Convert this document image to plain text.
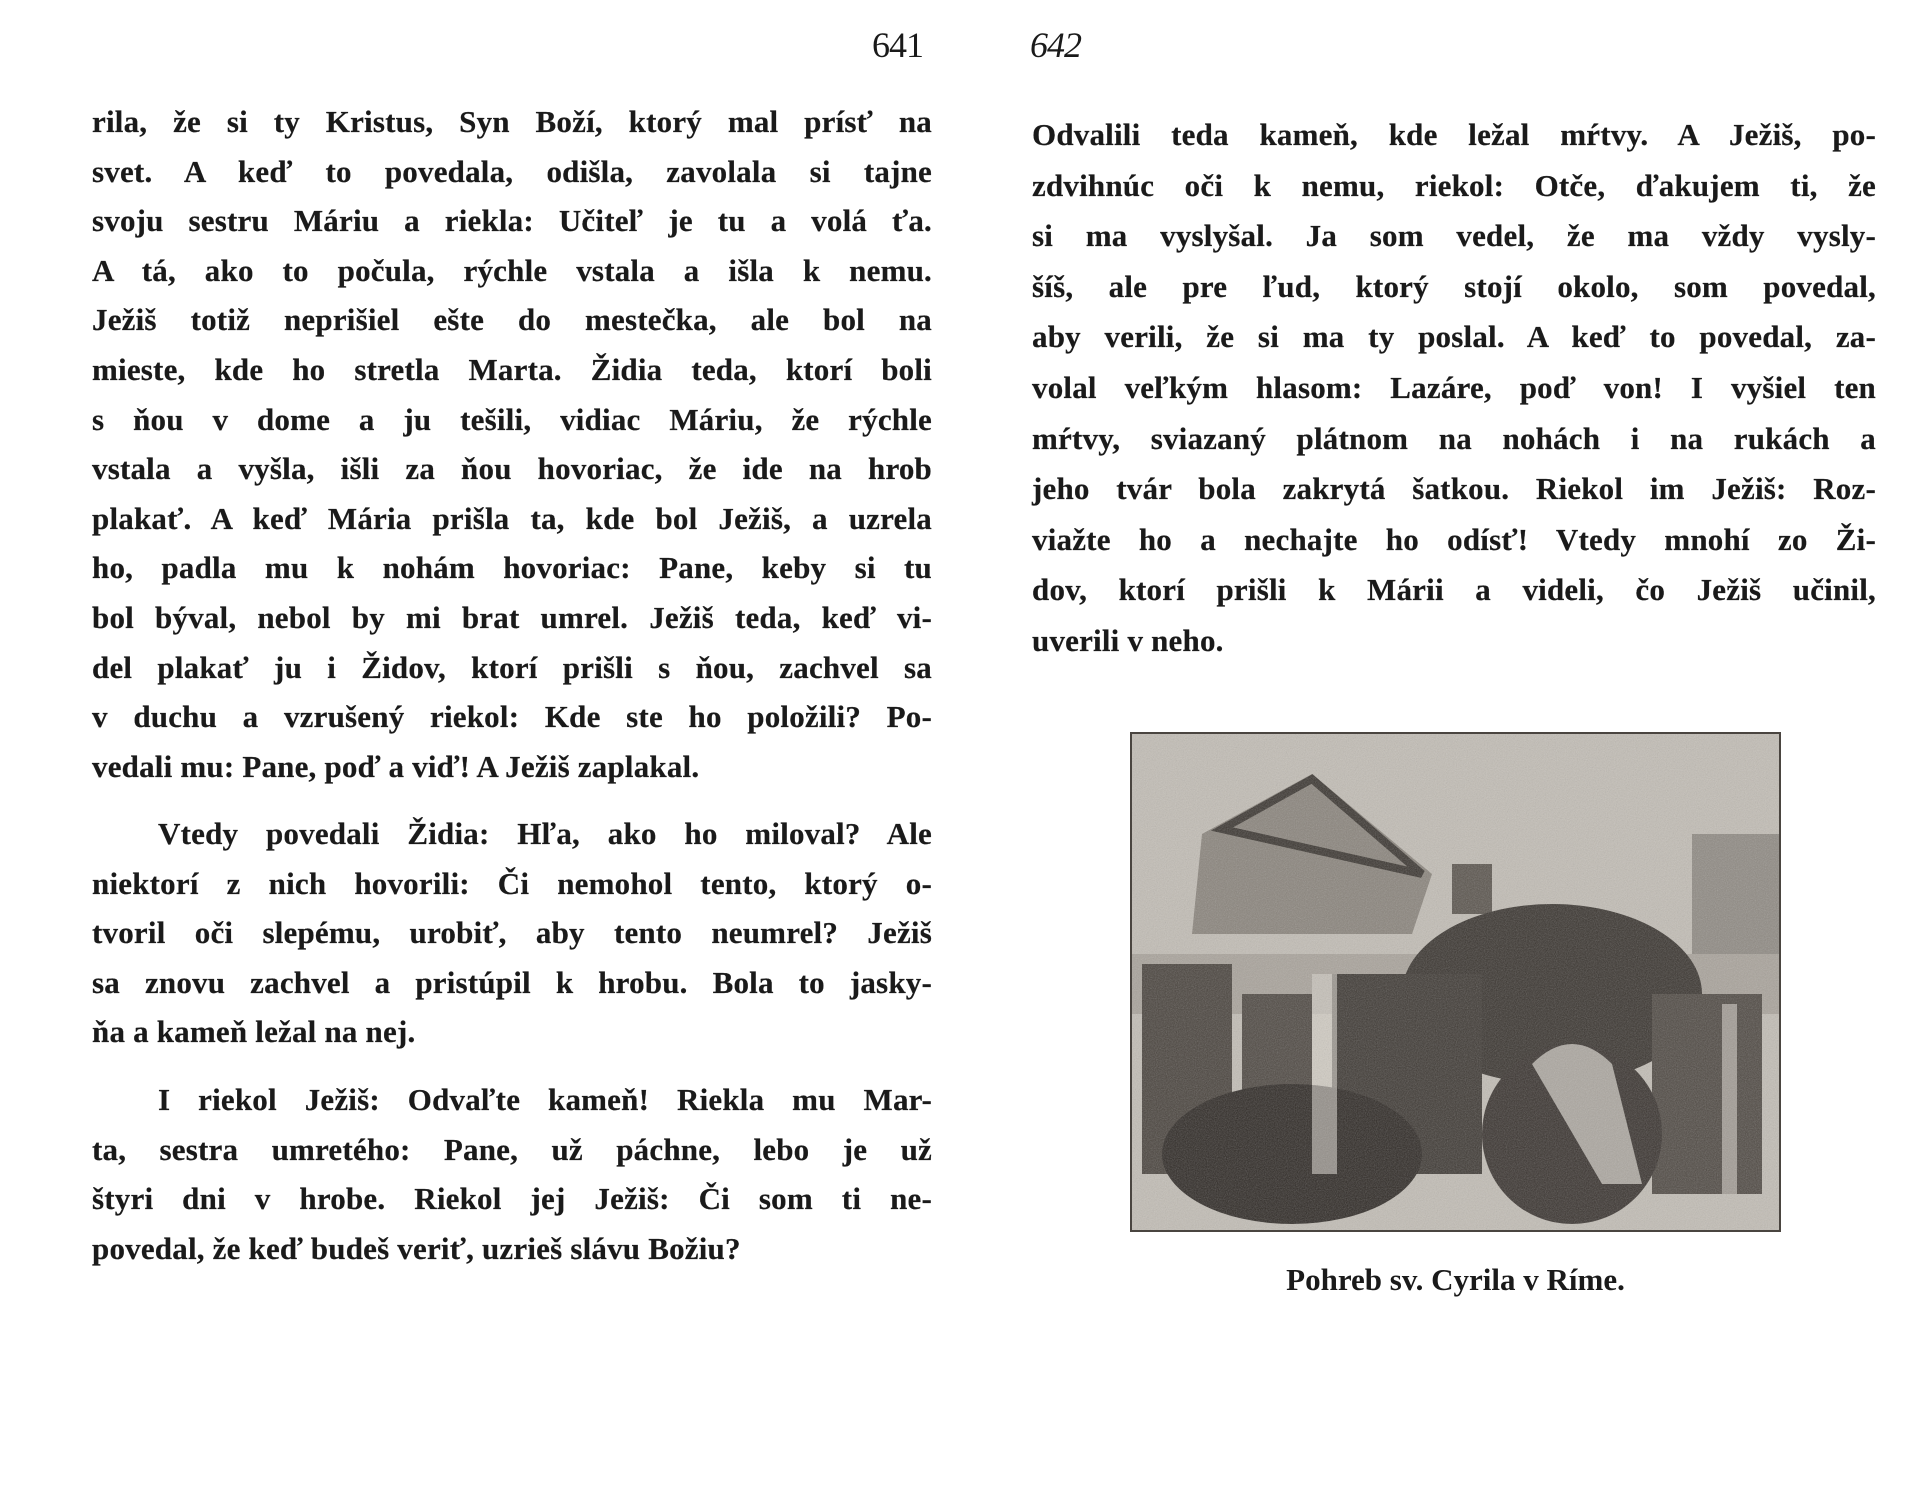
641
rila, že si ty Kristus, Syn Boží, ktorý mal prísť na
svet. A keď to povedala, odišla, zavolala si tajne
svoju sestru Máriu a riekla: Učiteľ je tu a volá ťa.
A tá, ako to počula, rýchle vstala a išla k nemu.
Ježiš totiž neprišiel ešte do mestečka, ale bol na
mieste, kde ho stretla Marta. Židia teda, ktorí boli
s ňou v dome a ju tešili, vidiac Máriu, že rýchle
vstala a vyšla, išli za ňou hovoriac, že ide na hrob
plakať. A keď Mária prišla ta, kde bol Ježiš, a uzrela
ho, padla mu k nohám hovoriac: Pane, keby si tu
bol býval, nebol by mi brat umrel. Ježiš teda, keď vi-
del plakať ju i Židov, ktorí prišli s ňou, zachvel sa
v duchu a vzrušený riekol: Kde ste ho položili? Po-
vedali mu: Pane, poď a viď! A Ježiš zaplakal.
Vtedy povedali Židia: Hľa, ako ho miloval? Ale
niektorí z nich hovorili: Či nemohol tento, ktorý o-
tvoril oči slepému, urobiť, aby tento neumrel? Ježiš
sa znovu zachvel a pristúpil k hrobu. Bola to jasky-
ňa a kameň ležal na nej.
I riekol Ježiš: Odvaľte kameň! Riekla mu Mar-
ta, sestra umretého: Pane, už páchne, lebo je už
štyri dni v hrobe. Riekol jej Ježiš: Či som ti ne-
povedal, že keď budeš veriť, uzrieš slávu Božiu?
642
Odvalili teda kameň, kde ležal mŕtvy. A Ježiš, po-
zdvihnúc oči k nemu, riekol: Otče, ďakujem ti, že
si ma vyslyšal. Ja som vedel, že ma vždy vysly-
šíš, ale pre ľud, ktorý stojí okolo, som povedal,
aby verili, že si ma ty poslal. A keď to povedal, za-
volal veľkým hlasom: Lazáre, poď von! I vyšiel ten
mŕtvy, sviazaný plátnom na nohách i na rukách a
jeho tvár bola zakrytá šatkou. Riekol im Ježiš: Roz-
viažte ho a nechajte ho odísť! Vtedy mnohí zo Ži-
dov, ktorí prišli k Márii a videli, čo Ježiš učinil,
uverili v neho.
Pohreb sv. Cyrila v Ríme.
